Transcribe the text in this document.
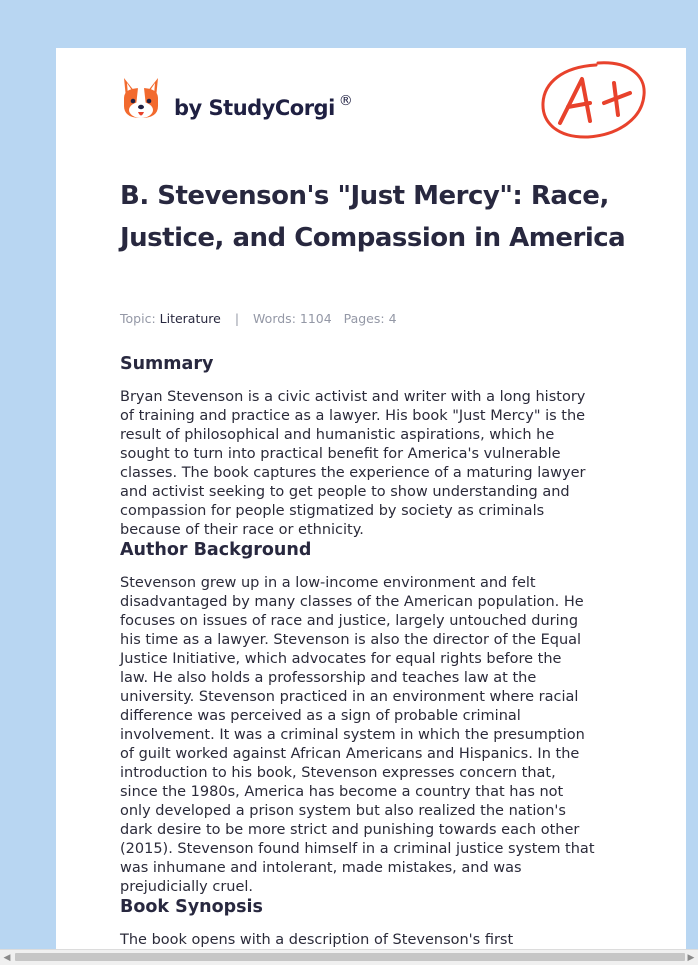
by StudyCorgi ®
B. Stevenson's "Just Mercy": Race, Justice, and Compassion in America
Topic: Literature | Words: 1104 Pages: 4
Summary

Bryan Stevenson is a civic activist and writer with a long history
of training and practice as a lawyer. His book "Just Mercy" is the
result of philosophical and humanistic aspirations, which he
sought to turn into practical benefit for America's vulnerable
classes. The book captures the experience of a maturing lawyer
and activist seeking to get people to show understanding and
compassion for people stigmatized by society as criminals
because of their race or ethnicity.

Author Background

Stevenson grew up in a low-income environment and felt
disadvantaged by many classes of the American population. He
focuses on issues of race and justice, largely untouched during
his time as a lawyer. Stevenson is also the director of the Equal
Justice Initiative, which advocates for equal rights before the
law. He also holds a professorship and teaches law at the
university. Stevenson practiced in an environment where racial
difference was perceived as a sign of probable criminal
involvement. It was a criminal system in which the presumption
of guilt worked against African Americans and Hispanics. In the
introduction to his book, Stevenson expresses concern that,
since the 1980s, America has become a country that has not
only developed a prison system but also realized the nation's
dark desire to be more strict and punishing towards each other
(2015). Stevenson found himself in a criminal justice system that
was inhumane and intolerant, made mistakes, and was
prejudicially cruel.

Book Synopsis

The book opens with a description of Stevenson's first

◀	▶
